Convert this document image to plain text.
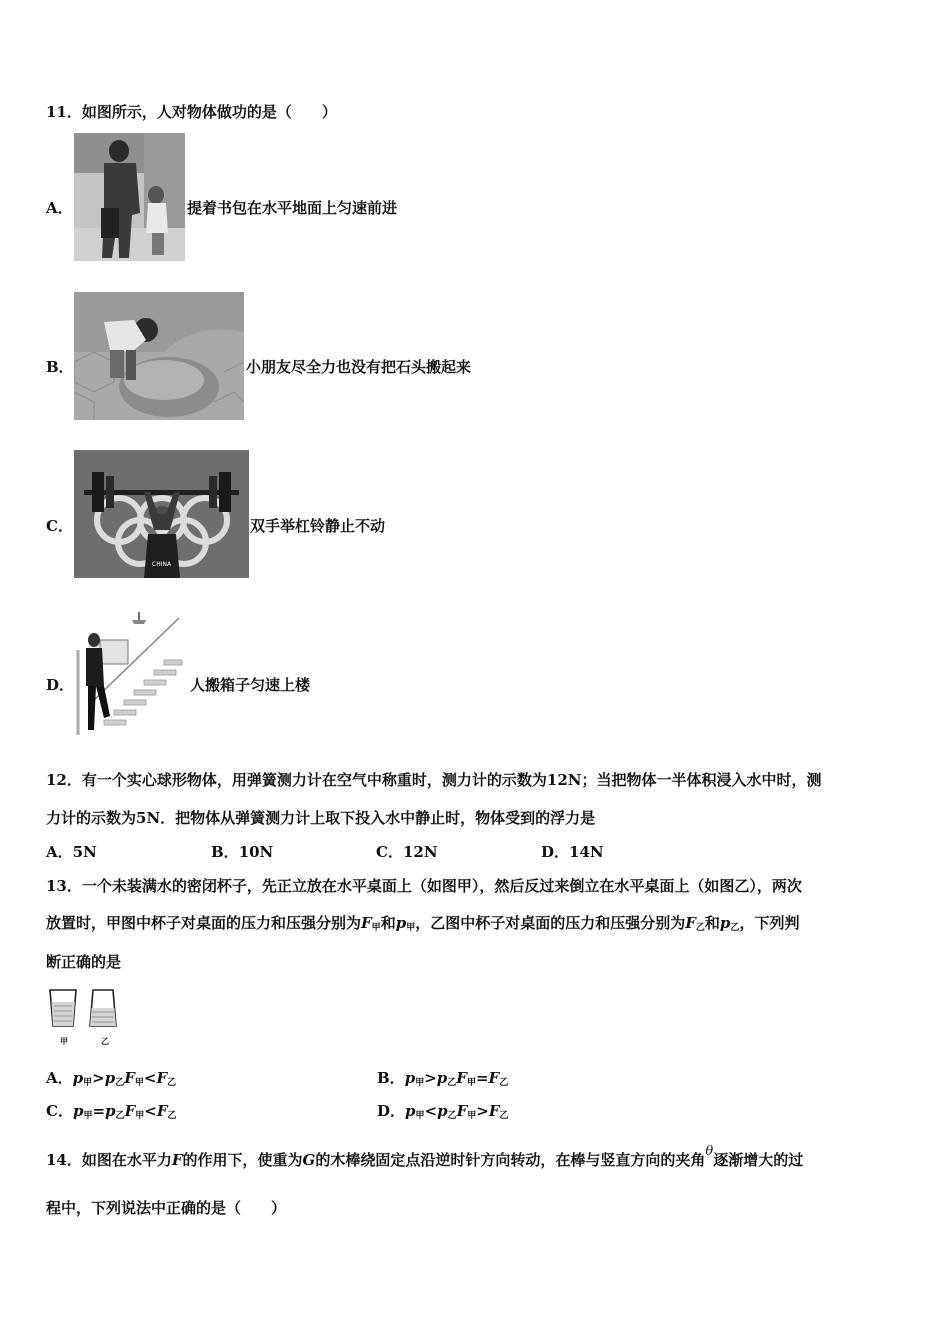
11．如图所示，人对物体做功的是（　　）
A．	提着书包在水平地面上匀速前进
B．	小朋友尽全力也没有把石头搬起来
C．
CHINA
双手举杠铃静止不动
D．	人搬箱子匀速上楼
12．有一个实心球形物体，用弹簧测力计在空气中称重时，测力计的示数为12N；当把物体一半体积浸入水中时，测
力计的示数为5N．把物体从弹簧测力计上取下投入水中静止时，物体受到的浮力是
A．5N	B．10N	C．12N	D．14N
13．一个未装满水的密闭杯子，先正立放在水平桌面上（如图甲），然后反过来倒立在水平桌面上（如图乙），两次
放置时，甲图中杯子对桌面的压力和压强分别为$F_甲$和$p_甲$，乙图中杯子对桌面的压力和压强分别为$F_乙$和$p_乙$，下列判
断正确的是
甲	乙
A．$p_甲>p_乙F_甲<F_乙$	B．$p_甲>p_乙F_甲=F_乙$
C．$p_甲=p_乙F_甲<F_乙$	D．$p_甲<p_乙F_甲>F_乙$
14．如图在水平力F的作用下，使重为G的木棒绕固定点沿逆时针方向转动，在棒与竖直方向的夹角θ逐渐增大的过
程中，下列说法中正确的是（　　）
